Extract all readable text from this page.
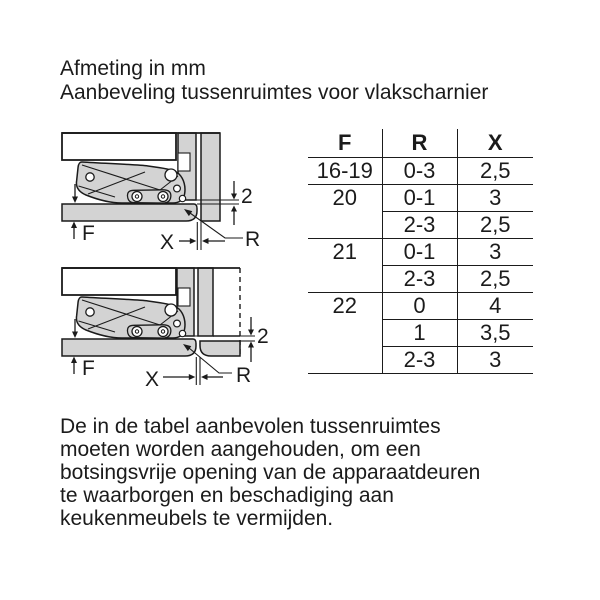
Afmeting in mm
Aanbeveling tussenruimtes voor vlakscharnier
2
X	R
F
2
X	R
F
F	R	X
16-19	0-3	2,5
20	0-1	3
	2-3	2,5
21	0-1	3
	2-3	2,5
22	0	4
	1	3,5
	2-3	3
De in de tabel aanbevolen tussenruimtes
moeten worden aangehouden, om een
botsingsvrije opening van de apparaatdeuren
te waarborgen en beschadiging aan
keukenmeubels te vermijden.
